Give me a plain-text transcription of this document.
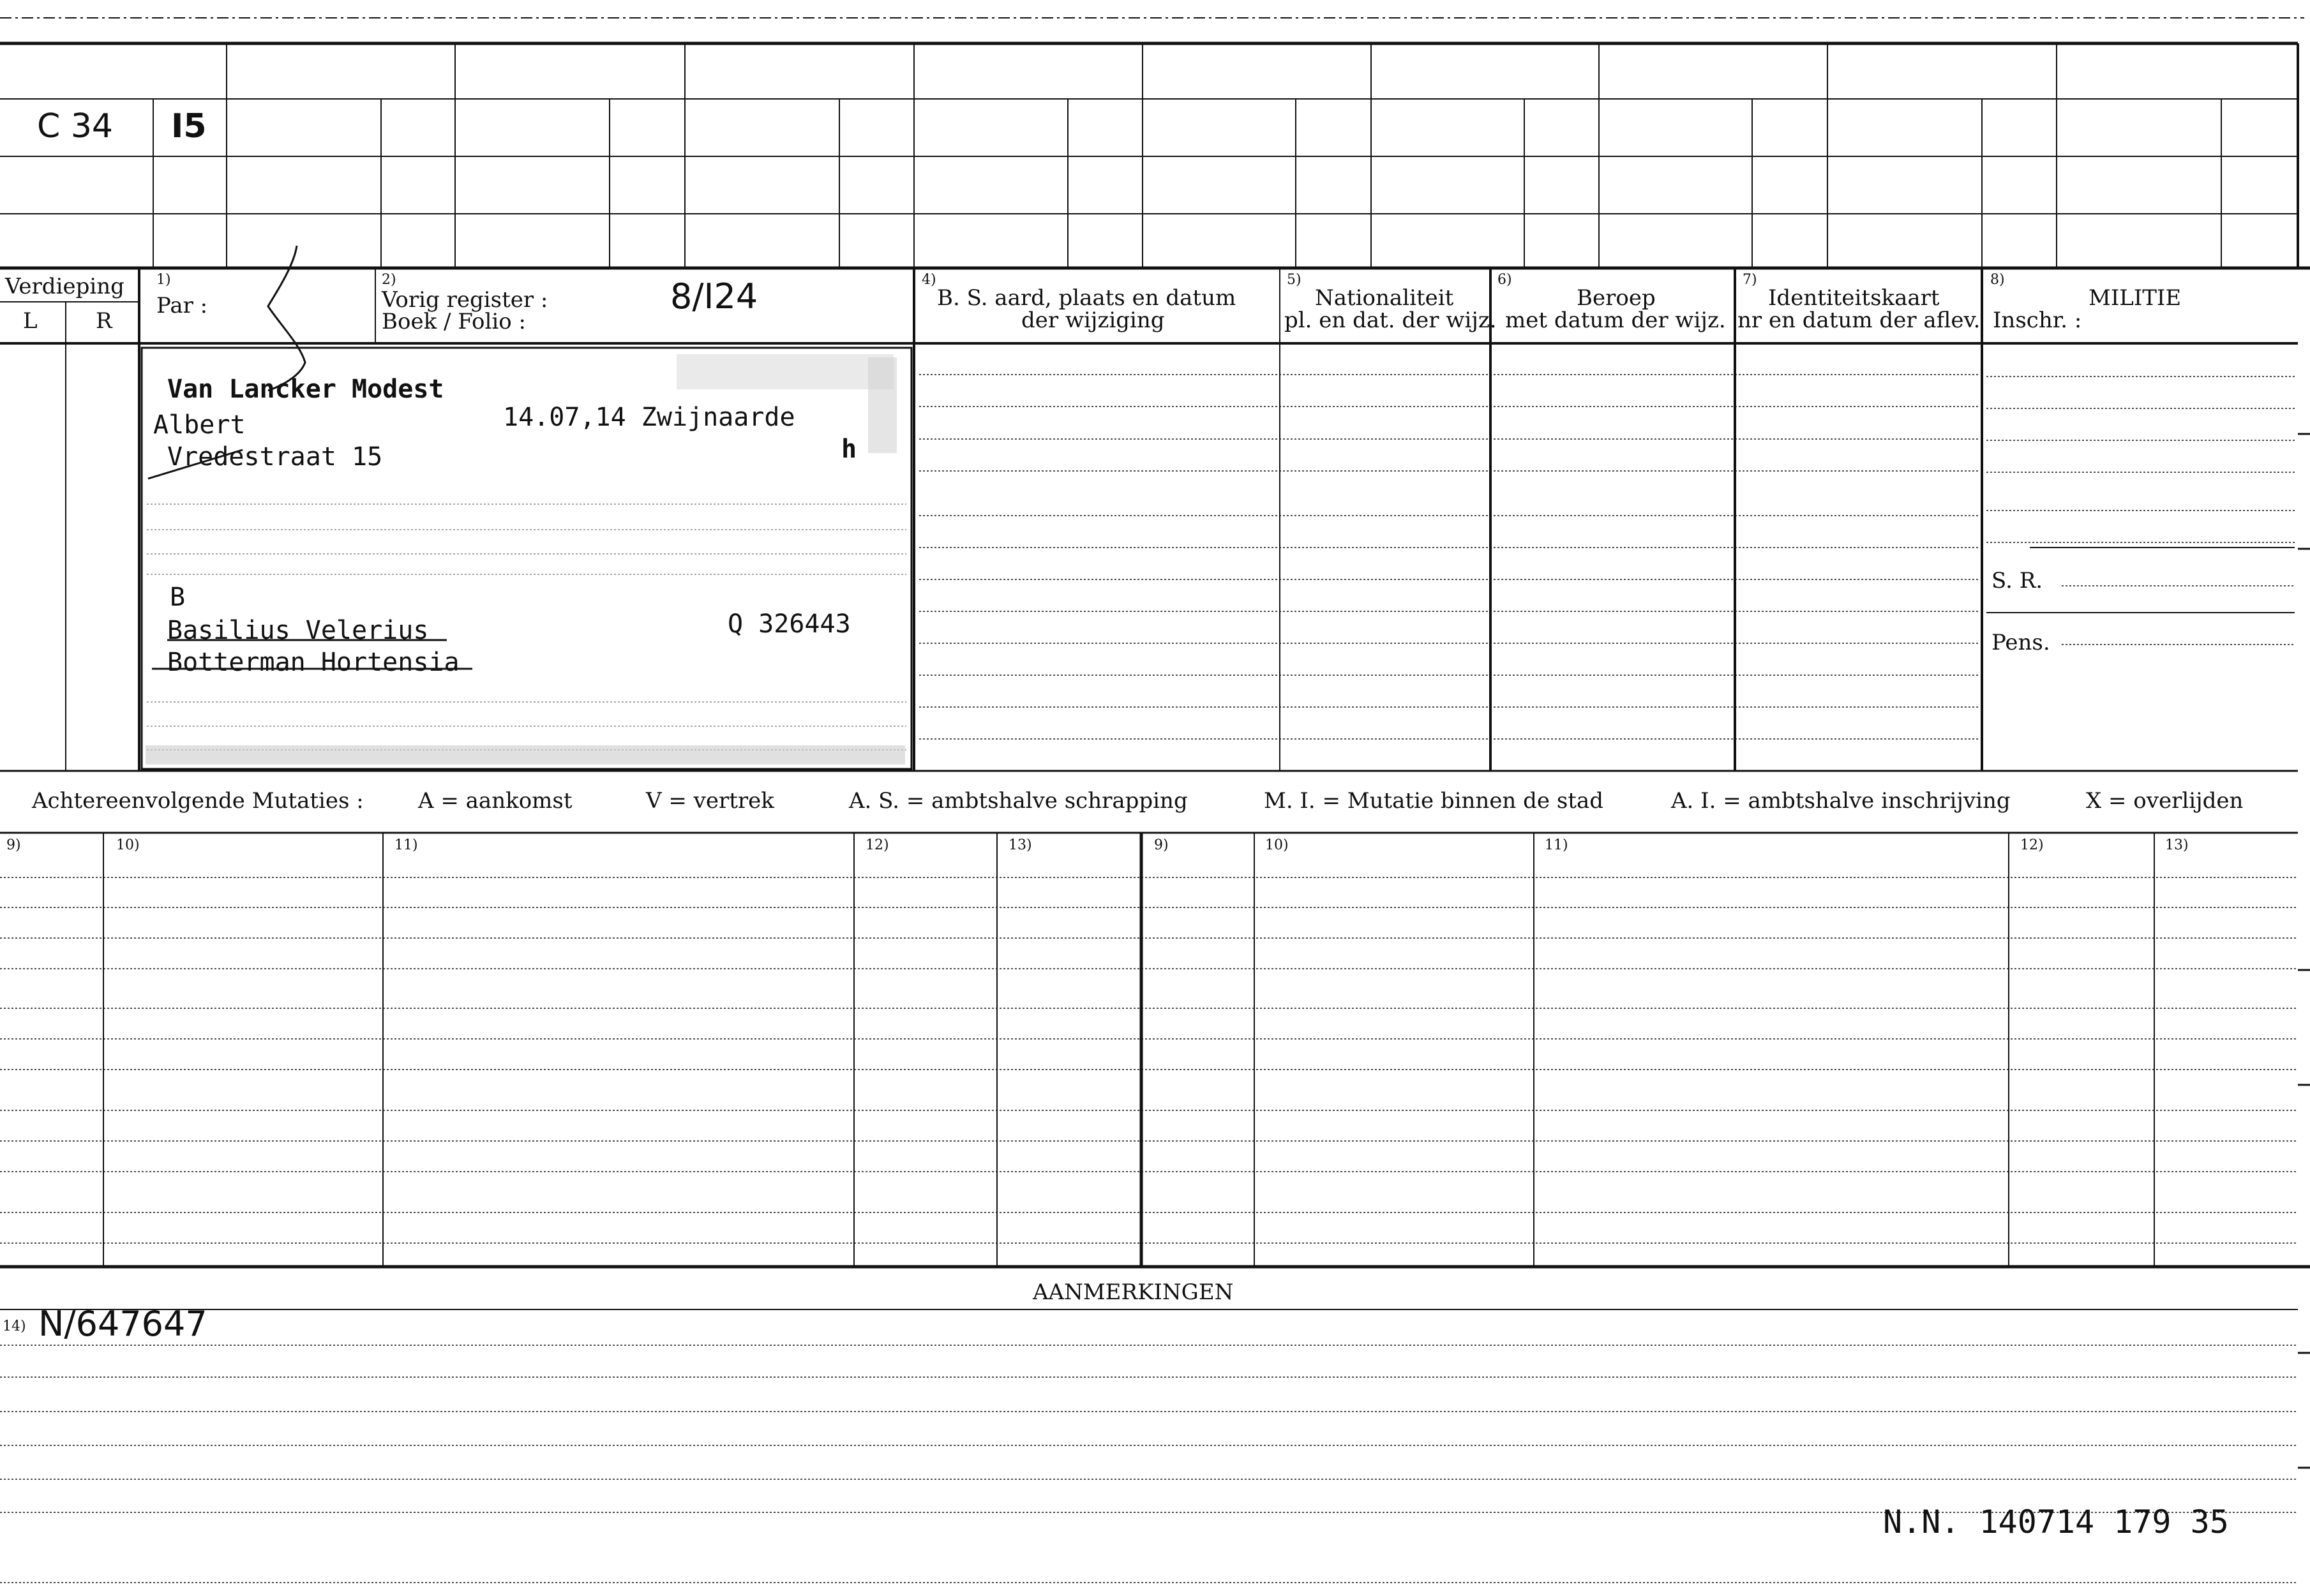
C 34 I5
Verdieping
L	R
1)
Par :
2)
Vorig register :
Boek / Folio :
8/I24	4)
B. S. aard, plaats en datum
der wijziging
5)
Nationaliteit
pl. en dat. der wijz.
6)
Beroep
met datum der wijz.
7)
Identiteitskaart
nr en datum der aflev.
8)
MILITIE
Inschr. :
S. R.
Pens.
Van Lancker Modest
Albert	14.07,14 Zwijnaarde
Vredestraat 15	h
B
Basilius Velerius	Q 326443
Botterman Hortensia
Achtereenvolgende Mutaties :	A = aankomst	V = vertrek	A. S. = ambtshalve schrapping	M. I. = Mutatie binnen de stad	A. I. = ambtshalve inschrijving	X = overlijden
9)	10)	11)	12)	13)	9)	10)	11)	12)	13)
AANMERKINGEN
14) N/647647
N.N. 140714 179 35
